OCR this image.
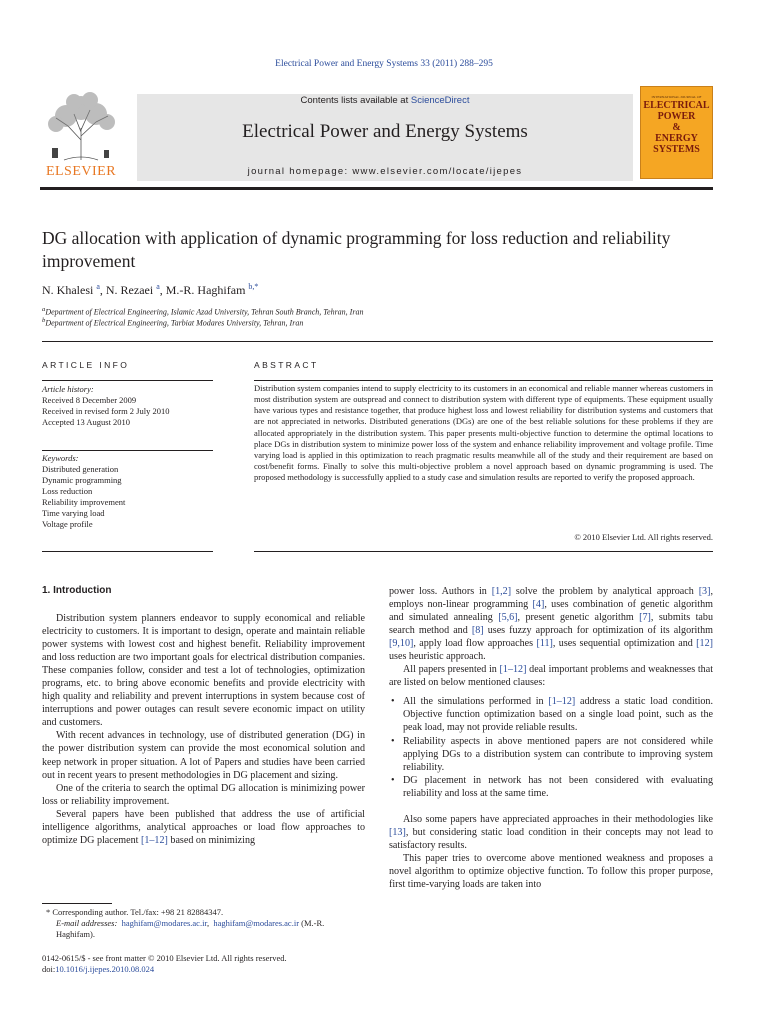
Electrical Power and Energy Systems 33 (2011) 288–295
Contents lists available at ScienceDirect
Electrical Power and Energy Systems
journal homepage: www.elsevier.com/locate/ijepes
ELSEVIER
INTERNATIONAL JOURNAL OF
ELECTRICAL
POWER
&
ENERGY
SYSTEMS
DG allocation with application of dynamic programming for loss reduction and reliability improvement
N. Khalesi $^a$, N. Rezaei $^a$, M.-R. Haghifam $^{b,*}$
$^a$Department of Electrical Engineering, Islamic Azad University, Tehran South Branch, Tehran, Iran
$^b$Department of Electrical Engineering, Tarbiat Modares University, Tehran, Iran
ARTICLE INFO
Article history:
Received 8 December 2009
Received in revised form 2 July 2010
Accepted 13 August 2010
Keywords:
Distributed generation
Dynamic programming
Loss reduction
Reliability improvement
Time varying load
Voltage profile
ABSTRACT
Distribution system companies intend to supply electricity to its customers in an economical and reliable manner whereas customers in most distribution system are outspread and connect to distribution system with different type of equipments. These equipment usually have various types and resistance together, that produce highest loss and lowest reliability for distribution systems and customers that are not appreciated in networks. Distributed generations (DGs) are one of the best reliable solutions for these problems if they are allocated appropriately in the distribution system. This paper presents multi-objective function to determine the optimal locations to place DGs in distribution system to minimize power loss of the system and enhance reliability improvement and voltage profile. Time varying load is applied in this optimization to reach pragmatic results meanwhile all of the study and their requirement are based on cost/benefit forms. Finally to solve this multi-objective problem a novel approach based on dynamic programming is used. The proposed methodology is successfully applied to a study case and simulation results are reported to verify the proposed approach.
© 2010 Elsevier Ltd. All rights reserved.
1. Introduction

Distribution system planners endeavor to supply economical and reliable electricity to customers. It is important to design, operate and maintain reliable power systems with lowest cost and highest benefit. Reliability improvement and loss reduction are two important goals for electrical distribution companies. These companies follow, consider and test a lot of technologies, optimization programs, etc. to bring above economic benefits and provide electricity with high quality and reliability and prevent interruptions in system because cost of interruptions and power outages can result severe economic impact on utility and customers.

With recent advances in technology, use of distributed generation (DG) in the power distribution system can provide the most economical solution and keep network in proper situation. A lot of Papers and studies have been carried out in recent years to present methodologies in DG placement and sizing.

One of the criteria to search the optimal DG allocation is minimizing power loss or reliability improvement.

Several papers have been published that address the use of artificial intelligence algorithms, analytical approaches or load flow approaches to optimize DG placement [1–12] based on minimizing

power loss. Authors in [1,2] solve the problem by analytical approach [3], employs non-linear programming [4], uses combination of genetic algorithm and simulated annealing [5,6], present genetic algorithm [7], submits tabu search method and [8] uses fuzzy approach for optimization of its algorithm [9,10], apply load flow approaches [11], uses sequential optimization and [12] uses heuristic approach.

All papers presented in [1–12] deal important problems and weaknesses that are listed on below mentioned clauses:

• All the simulations performed in [1–12] address a static load condition. Objective function optimization based on a single load point, such as the peak load, may not provide reliable results.
• Reliability aspects in above mentioned papers are not considered while applying DGs to a distribution system can contribute to improving system reliability.
• DG placement in network has not been considered with evaluating reliability and loss at the same time.

Also some papers have appreciated approaches in their methodologies like [13], but considering static load condition in their concepts may not lead to satisfactory results.

This paper tries to overcome above mentioned weakness and proposes a novel algorithm to optimize objective function. To follow this proper purpose, first time-varying loads are taken into

* Corresponding author. Tel./fax: +98 21 82884347.
E-mail addresses: haghifam@modares.ac.ir,  haghifam@modares.ac.ir (M.-R. Haghifam).
0142-0615/$ - see front matter © 2010 Elsevier Ltd. All rights reserved.
doi:10.1016/j.ijepes.2010.08.024
